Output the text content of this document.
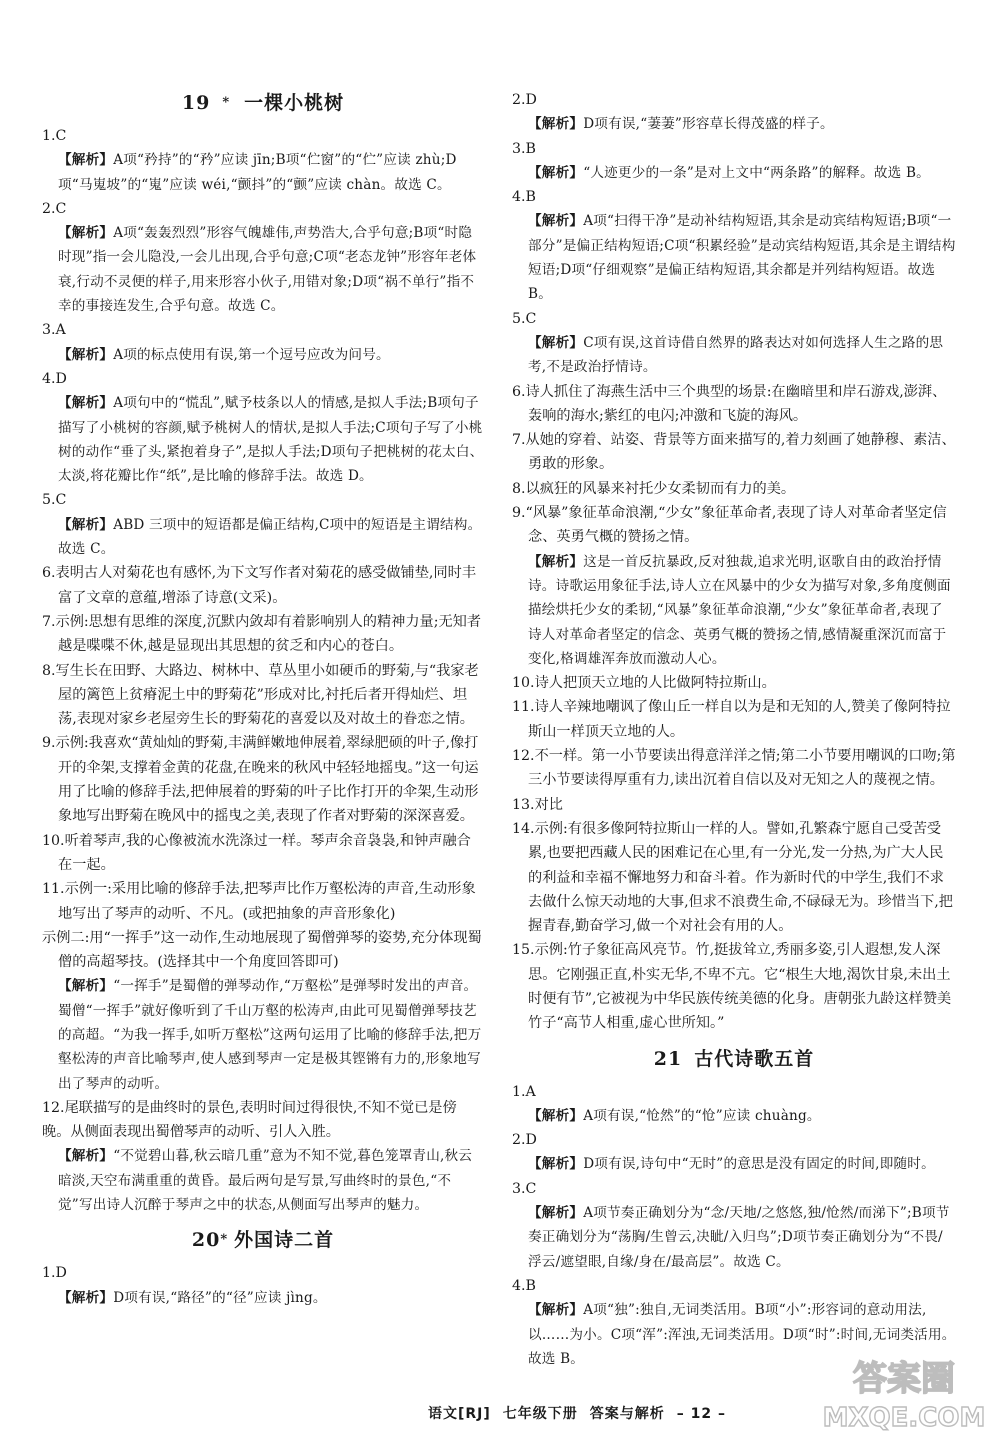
19 * 一棵小桃树

1.C

【解析】A项“矜持”的“矜”应读 jīn;B项“伫窗”的“伫”应读 zhù;D项“马嵬坡”的“嵬”应读 wéi,“颤抖”的“颤”应读 chàn。故选 C。

2.C

【解析】A项“轰轰烈烈”形容气魄雄伟,声势浩大,合乎句意;B项“时隐时现”指一会儿隐没,一会儿出现,合乎句意;C项“老态龙钟”形容年老体衰,行动不灵便的样子,用来形容小伙子,用错对象;D项“祸不单行”指不幸的事接连发生,合乎句意。故选 C。

3.A

【解析】A项的标点使用有误,第一个逗号应改为问号。

4.D

【解析】A项句中的“慌乱”,赋予枝条以人的情感,是拟人手法;B项句子描写了小桃树的容颜,赋予桃树人的情状,是拟人手法;C项句子写了小桃树的动作“垂了头,紧抱着身子”,是拟人手法;D项句子把桃树的花太白、太淡,将花瓣比作“纸”,是比喻的修辞手法。故选 D。

5.C

【解析】ABD 三项中的短语都是偏正结构,C项中的短语是主谓结构。故选 C。

6.表明古人对菊花也有感怀,为下文写作者对菊花的感受做铺垫,同时丰富了文章的意蕴,增添了诗意(文采)。

7.示例:思想有思维的深度,沉默内敛却有着影响别人的精神力量;无知者越是喋喋不休,越是显现出其思想的贫乏和内心的苍白。

8.写生长在田野、大路边、树林中、草丛里小如硬币的野菊,与“我家老屋的篱笆上贫瘠泥土中的野菊花”形成对比,衬托后者开得灿烂、坦荡,表现对家乡老屋旁生长的野菊花的喜爱以及对故土的眷恋之情。

9.示例:我喜欢“黄灿灿的野菊,丰满鲜嫩地伸展着,翠绿肥硕的叶子,像打开的伞架,支撑着金黄的花盘,在晚来的秋风中轻轻地摇曳。”这一句运用了比喻的修辞手法,把伸展着的野菊的叶子比作打开的伞架,生动形象地写出野菊在晚风中的摇曳之美,表现了作者对野菊的深深喜爱。

10.听着琴声,我的心像被流水洗涤过一样。琴声余音袅袅,和钟声融合在一起。

11.示例一:采用比喻的修辞手法,把琴声比作万壑松涛的声音,生动形象地写出了琴声的动听、不凡。(或把抽象的声音形象化)

示例二:用“一挥手”这一动作,生动地展现了蜀僧弹琴的姿势,充分体现蜀僧的高超琴技。(选择其中一个角度回答即可)

【解析】“一挥手”是蜀僧的弹琴动作,“万壑松”是弹琴时发出的声音。蜀僧“一挥手”就好像听到了千山万壑的松涛声,由此可见蜀僧弹琴技艺的高超。“为我一挥手,如听万壑松”这两句运用了比喻的修辞手法,把万壑松涛的声音比喻琴声,使人感到琴声一定是极其铿锵有力的,形象地写出了琴声的动听。

12.尾联描写的是曲终时的景色,表明时间过得很快,不知不觉已是傍晚。从侧面表现出蜀僧琴声的动听、引人入胜。

【解析】“不觉碧山暮,秋云暗几重”意为不知不觉,暮色笼罩青山,秋云暗淡,天空布满重重的黄昏。最后两句是写景,写曲终时的景色,“不觉”写出诗人沉醉于琴声之中的状态,从侧面写出琴声的魅力。

20* 外国诗二首

1.D

【解析】D项有误,“路径”的“径”应读 jìng。

2.D

【解析】D项有误,“萋萋”形容草长得茂盛的样子。

3.B

【解析】“人迹更少的一条”是对上文中“两条路”的解释。故选 B。

4.B

【解析】A项“扫得干净”是动补结构短语,其余是动宾结构短语;B项“一部分”是偏正结构短语;C项“积累经验”是动宾结构短语,其余是主谓结构短语;D项“仔细观察”是偏正结构短语,其余都是并列结构短语。故选 B。

5.C

【解析】C项有误,这首诗借自然界的路表达对如何选择人生之路的思考,不是政治抒情诗。

6.诗人抓住了海燕生活中三个典型的场景:在幽暗里和岸石游戏,澎湃、轰响的海水;紫红的电闪;冲激和飞旋的海风。

7.从她的穿着、站姿、背景等方面来描写的,着力刻画了她静穆、素洁、勇敢的形象。

8.以疯狂的风暴来衬托少女柔韧而有力的美。

9.“风暴”象征革命浪潮,“少女”象征革命者,表现了诗人对革命者坚定信念、英勇气概的赞扬之情。

【解析】这是一首反抗暴政,反对独裁,追求光明,讴歌自由的政治抒情诗。诗歌运用象征手法,诗人立在风暴中的少女为描写对象,多角度侧面描绘烘托少女的柔韧,“风暴”象征革命浪潮,“少女”象征革命者,表现了诗人对革命者坚定的信念、英勇气概的赞扬之情,感情凝重深沉而富于变化,格调雄浑奔放而激动人心。

10.诗人把顶天立地的人比做阿特拉斯山。

11.诗人辛辣地嘲讽了像山丘一样自以为是和无知的人,赞美了像阿特拉斯山一样顶天立地的人。

12.不一样。第一小节要读出得意洋洋之情;第二小节要用嘲讽的口吻;第三小节要读得厚重有力,读出沉着自信以及对无知之人的蔑视之情。

13.对比

14.示例:有很多像阿特拉斯山一样的人。譬如,孔繁森宁愿自己受苦受累,也要把西藏人民的困难记在心里,有一分光,发一分热,为广大人民的利益和幸福不懈地努力和奋斗着。作为新时代的中学生,我们不求去做什么惊天动地的大事,但求不浪费生命,不碌碌无为。珍惜当下,把握青春,勤奋学习,做一个对社会有用的人。

15.示例:竹子象征高风亮节。竹,挺拔耸立,秀丽多姿,引人遐想,发人深思。它刚强正直,朴实无华,不卑不亢。它“根生大地,渴饮甘泉,未出土时便有节”,它被视为中华民族传统美德的化身。唐朝张九龄这样赞美竹子“高节人相重,虚心世所知。”

21 古代诗歌五首

1.A

【解析】A项有误,“怆然”的“怆”应读 chuàng。

2.D

【解析】D项有误,诗句中“无时”的意思是没有固定的时间,即随时。

3.C

【解析】A项节奏正确划分为“念/天地/之悠悠,独/怆然/而涕下”;B项节奏正确划分为“荡胸/生曾云,决眦/入归鸟”;D项节奏正确划分为“不畏/浮云/遮望眼,自缘/身在/最高层”。故选 C。

4.B

【解析】A项“独”:独自,无词类活用。B项“小”:形容词的意动用法,以……为小。C项“浑”:浑浊,无词类活用。D项“时”:时间,无词类活用。故选 B。

语文[RJ] 七年级下册 答案与解析 – 12 –
答案圈
MXQE.COM
